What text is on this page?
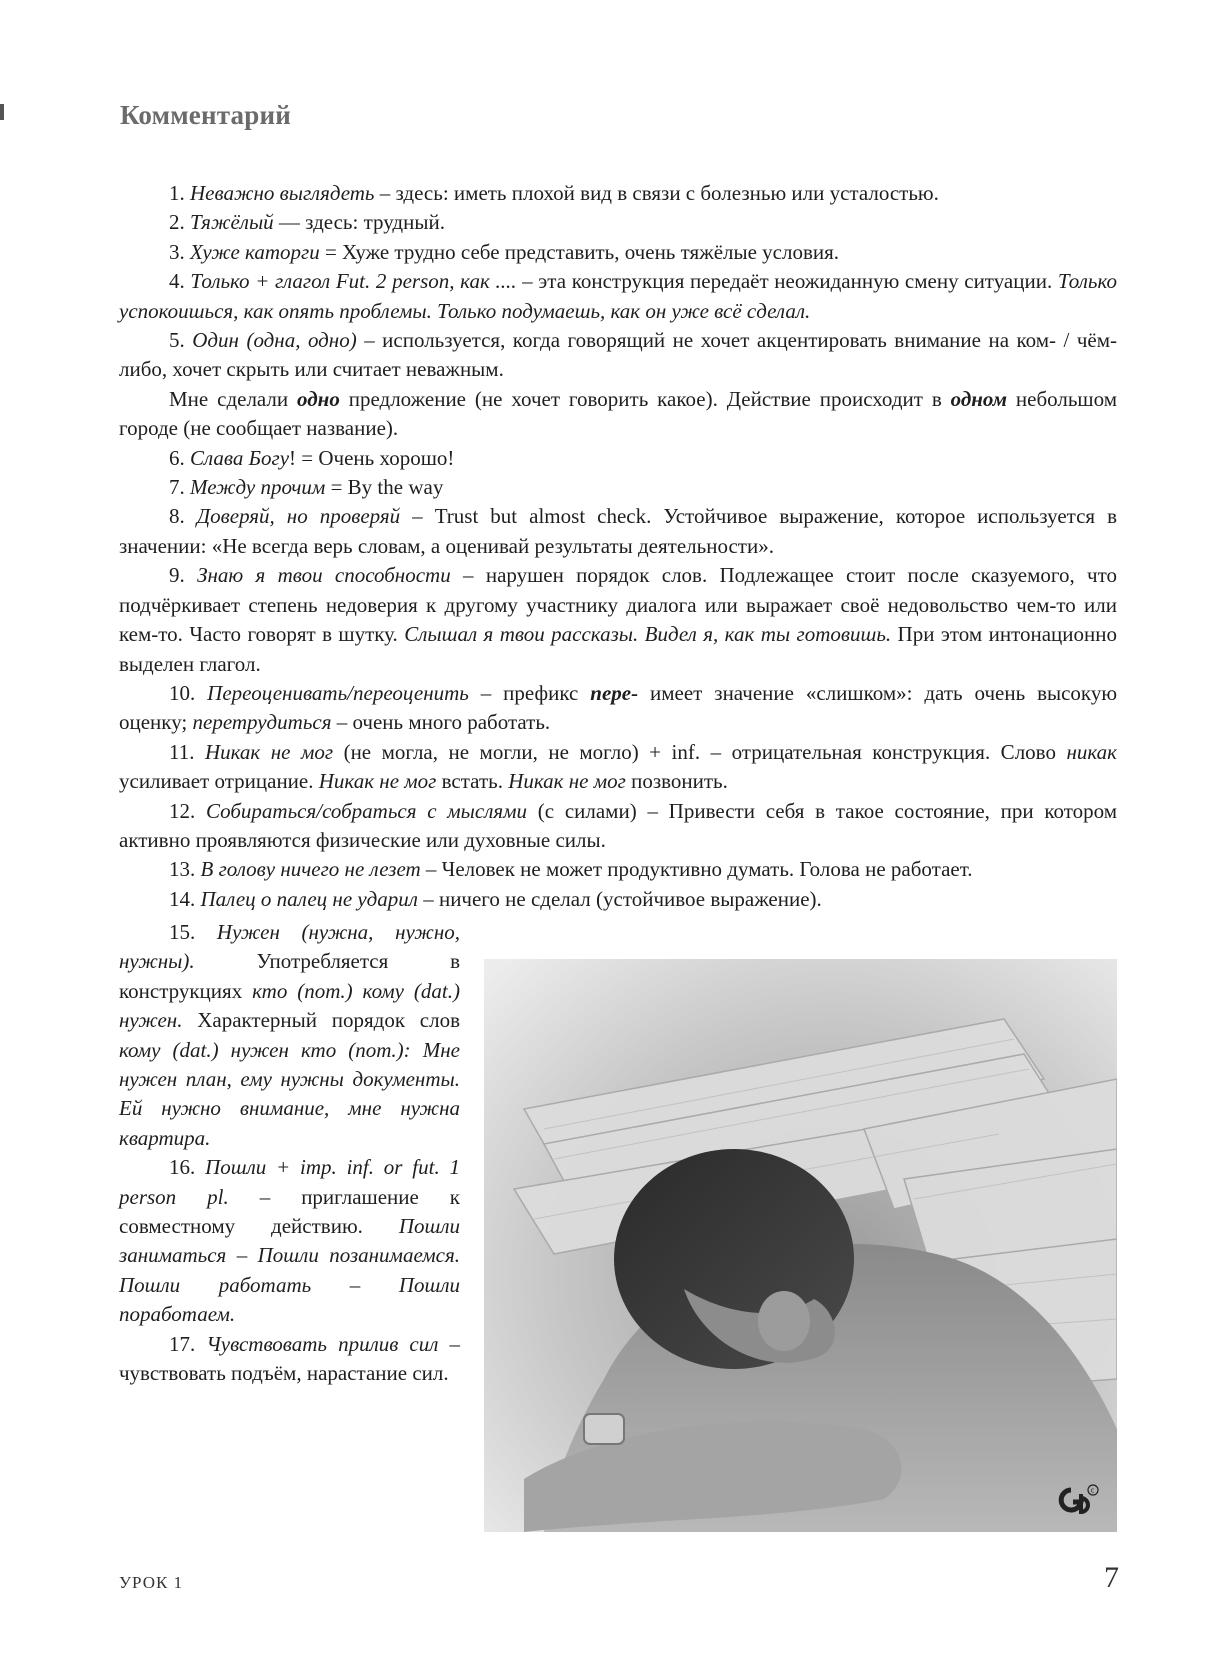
Комментарий

1. Неважно выглядеть – здесь: иметь плохой вид в связи с болезнью или усталостью.

2. Тяжёлый — здесь: трудный.

3. Хуже каторги = Хуже трудно себе представить, очень тяжёлые условия.

4. Только + глагол Fut. 2 person, как .... – эта конструкция передаёт неожиданную смену ситуации. Только успокоишься, как опять проблемы. Только подумаешь, как он уже всё сделал.

5. Один (одна, одно) – используется, когда говорящий не хочет акцентировать внимание на ком- / чём-либо, хочет скрыть или считает неважным.

Мне сделали одно предложение (не хочет говорить какое). Действие происходит в одном небольшом городе (не сообщает название).

6. Слава Богу! = Очень хорошо!

7. Между прочим = By the way

8. Доверяй, но проверяй – Trust but almost check. Устойчивое выражение, которое используется в значении: «Не всегда верь словам, а оценивай результаты деятельности».

9. Знаю я твои способности – нарушен порядок слов. Подлежащее стоит после сказуемого, что подчёркивает степень недоверия к другому участнику диалога или выражает своё недовольство чем-то или кем-то. Часто говорят в шутку. Слышал я твои рассказы. Видел я, как ты готовишь. При этом интонационно выделен глагол.

10. Переоценивать/переоценить – префикс пере- имеет значение «слишком»: дать очень высокую оценку; перетрудиться – очень много работать.

11. Никак не мог (не могла, не могли, не могло) + inf. – отрицательная конструкция. Слово никак усиливает отрицание. Никак не мог встать. Никак не мог позвонить.

12. Собираться/собраться с мыслями (с силами) – Привести себя в такое состояние, при котором активно проявляются физические или духовные силы.

13. В голову ничего не лезет – Человек не может продуктивно думать. Голова не работает.

14. Палец о палец не ударил – ничего не сделал (устойчивое выражение).

15. Нужен (нужна, нужно, нужны). Употребляется в конструкциях кто (nom.) кому (dat.) нужен. Характерный порядок слов кому (dat.) нужен кто (nom.): Мне нужен план, ему нужны документы. Ей нужно внимание, мне нужна квартира.

16. Пошли + imp. inf. or fut. 1 person pl. – приглашение к совместному действию. Пошли заниматься – Пошли позанимаемся. Пошли работать – Пошли поработаем.

17. Чувствовать прилив сил – чувствовать подъём, нарастание сил.

c
УРОК 1	7
